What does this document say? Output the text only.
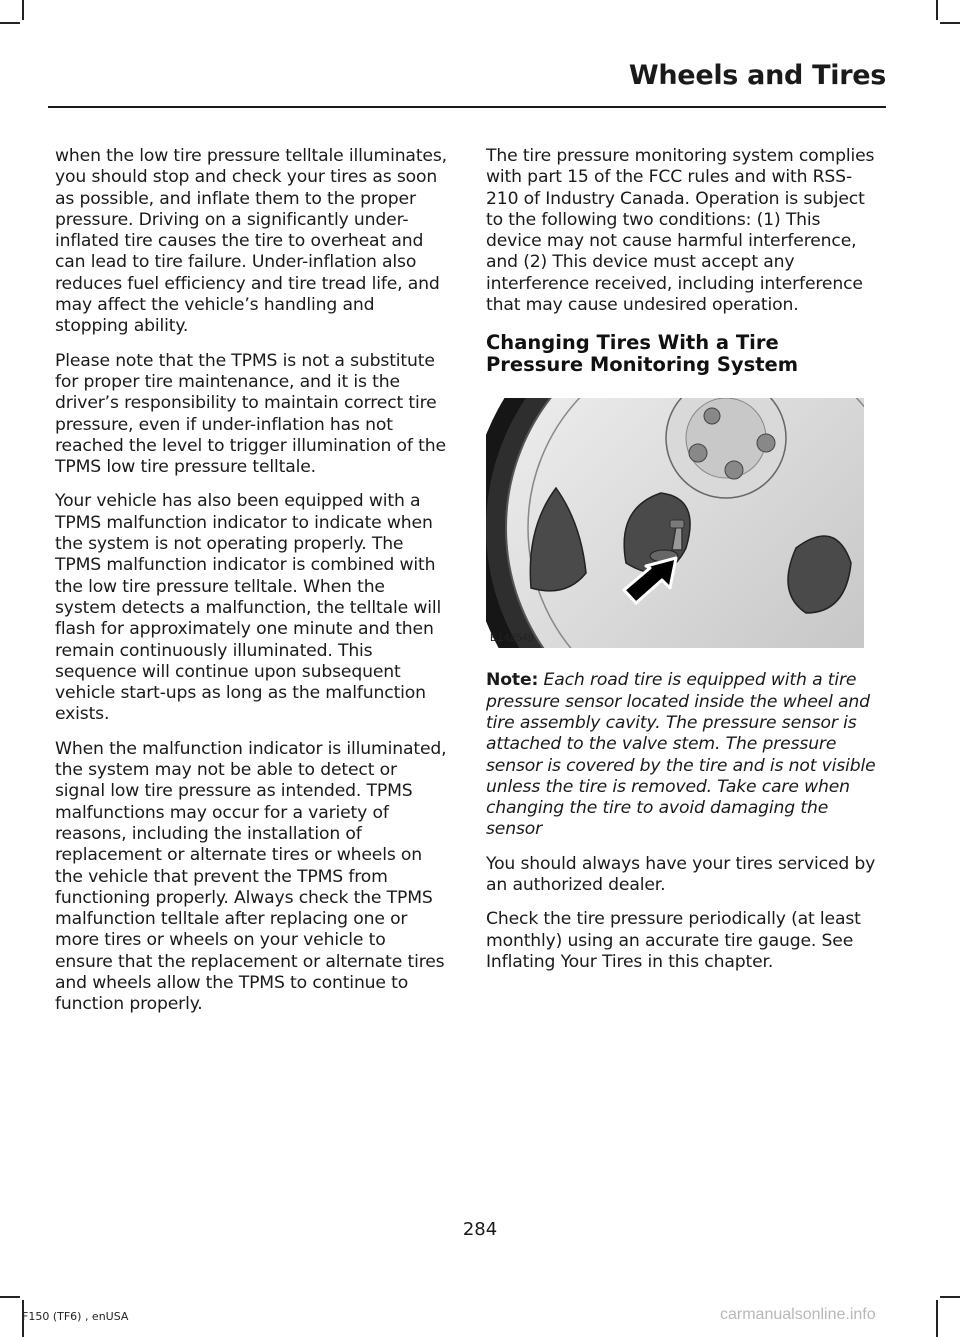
Wheels and Tires

when the low tire pressure telltale illuminates, you should stop and check your tires as soon as possible, and inflate them to the proper pressure. Driving on a significantly under-inflated tire causes the tire to overheat and can lead to tire failure. Under-inflation also reduces fuel efficiency and tire tread life, and may affect the vehicle’s handling and stopping ability.

Please note that the TPMS is not a substitute for proper tire maintenance, and it is the driver’s responsibility to maintain correct tire pressure, even if under-inflation has not reached the level to trigger illumination of the TPMS low tire pressure telltale.

Your vehicle has also been equipped with a TPMS malfunction indicator to indicate when the system is not operating properly. The TPMS malfunction indicator is combined with the low tire pressure telltale. When the system detects a malfunction, the telltale will flash for approximately one minute and then remain continuously illuminated. This sequence will continue upon subsequent vehicle start-ups as long as the malfunction exists.

When the malfunction indicator is illuminated, the system may not be able to detect or signal low tire pressure as intended. TPMS malfunctions may occur for a variety of reasons, including the installation of replacement or alternate tires or wheels on the vehicle that prevent the TPMS from functioning properly. Always check the TPMS malfunction telltale after replacing one or more tires or wheels on your vehicle to ensure that the replacement or alternate tires and wheels allow the TPMS to continue to function properly.

The tire pressure monitoring system complies with part 15 of the FCC rules and with RSS-210 of Industry Canada. Operation is subject to the following two conditions: (1) This device may not cause harmful interference, and (2) This device must accept any interference received, including interference that may cause undesired operation.

Changing Tires With a Tire Pressure Monitoring System
E142549

Note: Each road tire is equipped with a tire pressure sensor located inside the wheel and tire assembly cavity. The pressure sensor is attached to the valve stem. The pressure sensor is covered by the tire and is not visible unless the tire is removed. Take care when changing the tire to avoid damaging the sensor

You should always have your tires serviced by an authorized dealer.

Check the tire pressure periodically (at least monthly) using an accurate tire gauge. See Inflating Your Tires in this chapter.

284
F150 (TF6) , enUSA	carmanualsonline.info
